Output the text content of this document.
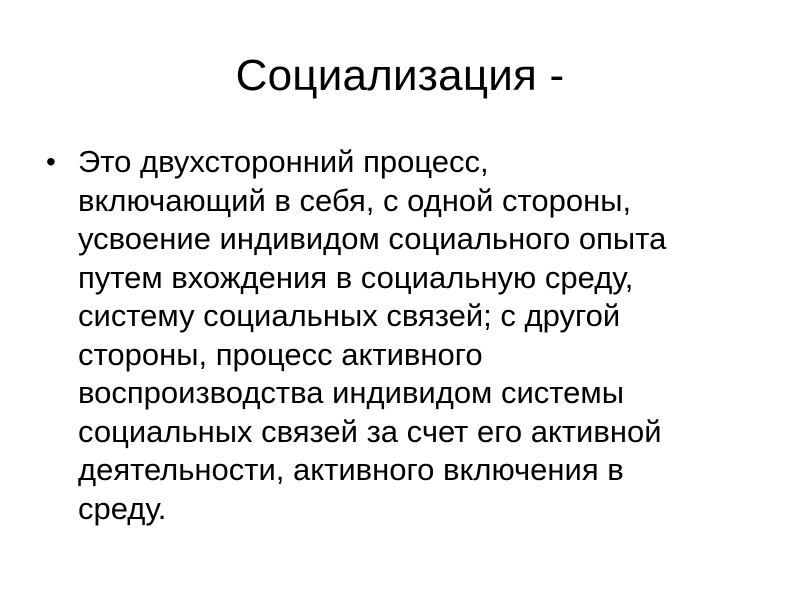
Социализация -
• Это двухсторонний процесс,
включающий в себя, с одной стороны,
усвоение индивидом социального опыта
путем вхождения в социальную среду,
систему социальных связей; с другой
стороны, процесс активного
воспроизводства индивидом системы
социальных связей за счет его активной
деятельности, активного включения в
среду.
